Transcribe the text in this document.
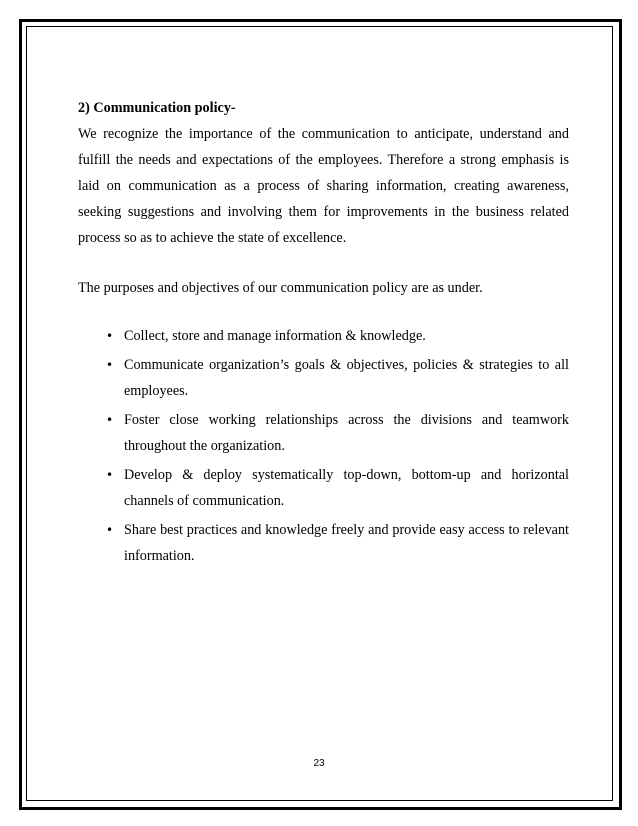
2) Communication policy-

We recognize the importance of the communication to anticipate, understand and fulfill the needs and expectations of the employees. Therefore a strong emphasis is laid on communication as a process of sharing information, creating awareness, seeking suggestions and involving them for improvements in the business related process so as to achieve the state of excellence.

The purposes and objectives of our communication policy are as under.

• Collect, store and manage information & knowledge.
• Communicate organization’s goals & objectives, policies & strategies to all employees.
• Foster close working relationships across the divisions and teamwork throughout the organization.
• Develop & deploy systematically top-down, bottom-up and horizontal channels of communication.
• Share best practices and knowledge freely and provide easy access to relevant information.
23
